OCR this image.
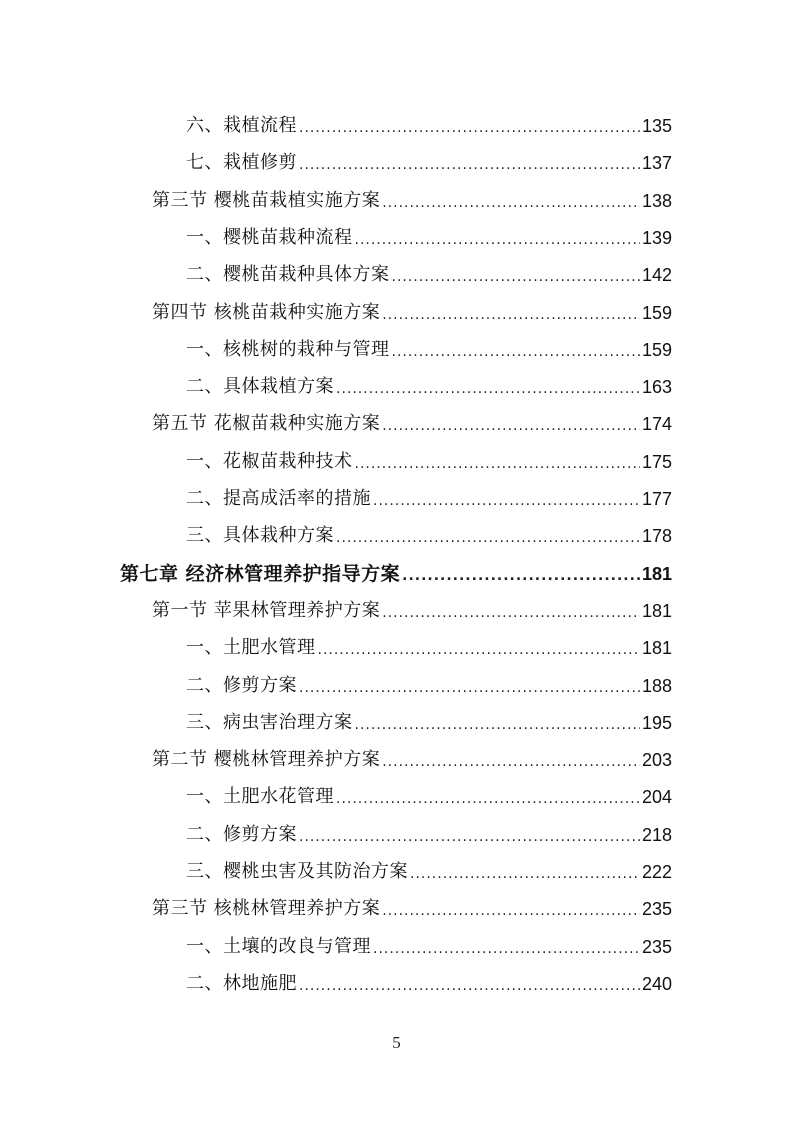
六、栽植流程 .....	135
七、栽植修剪 .....	137
第三节 樱桃苗栽植实施方案 .....	138
一、樱桃苗栽种流程 .....	139
二、樱桃苗栽种具体方案 .....	142
第四节 核桃苗栽种实施方案 .....	159
一、核桃树的栽种与管理 .....	159
二、具体栽植方案 .....	163
第五节 花椒苗栽种实施方案 .....	174
一、花椒苗栽种技术 .....	175
二、提高成活率的措施 .....	177
三、具体栽种方案 .....	178
第七章 经济林管理养护指导方案 .....	181
第一节 苹果林管理养护方案 .....	181
一、土肥水管理 .....	181
二、修剪方案 .....	188
三、病虫害治理方案 .....	195
第二节 樱桃林管理养护方案 .....	203
一、土肥水花管理 .....	204
二、修剪方案 .....	218
三、樱桃虫害及其防治方案 .....	222
第三节 核桃林管理养护方案 .....	235
一、土壤的改良与管理 .....	235
二、林地施肥 .....	240
5
